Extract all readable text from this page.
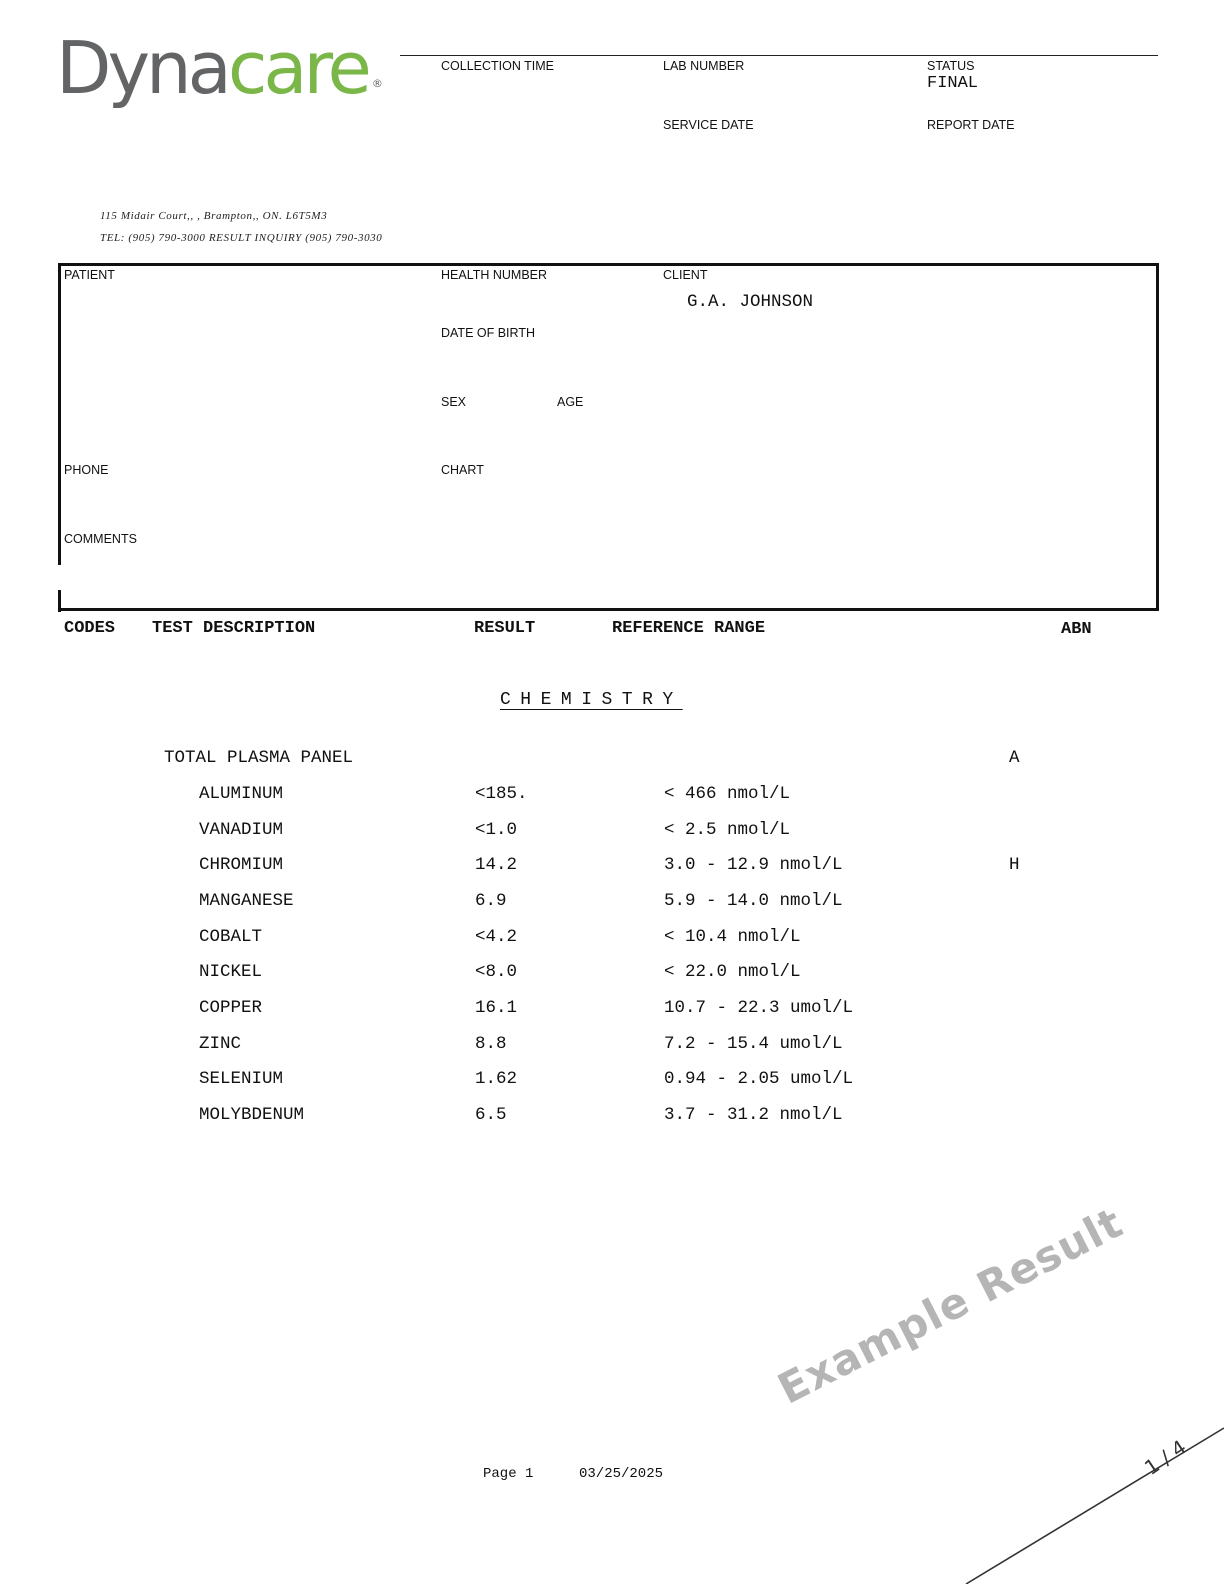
Dynacare ®
COLLECTION TIME	LAB NUMBER	STATUS
FINAL
SERVICE DATE	REPORT DATE
115 Midair Court,, , Brampton,, ON. L6T5M3
TEL: (905) 790-3000 RESULT INQUIRY (905) 790-3030
PATIENT	HEALTH NUMBER	CLIENT
G.A. JOHNSON
DATE OF BIRTH
SEX	AGE
PHONE	CHART
COMMENTS
CODES TEST DESCRIPTION	RESULT	REFERENCE RANGE	ABN
CHEMISTRY
TOTAL PLASMA PANEL	A
ALUMINUM	<185.	< 466 nmol/L
VANADIUM	<1.0	< 2.5 nmol/L
CHROMIUM	14.2	3.0 - 12.9 nmol/L	H
MANGANESE	6.9	5.9 - 14.0 nmol/L
COBALT	<4.2	< 10.4 nmol/L
NICKEL	<8.0	< 22.0 nmol/L
COPPER	16.1	10.7 - 22.3 umol/L
ZINC	8.8	7.2 - 15.4 umol/L
SELENIUM	1.62	0.94 - 2.05 umol/L
MOLYBDENUM	6.5	3.7 - 31.2 nmol/L
Page 1	03/25/2025
Example Result
1 / 4
